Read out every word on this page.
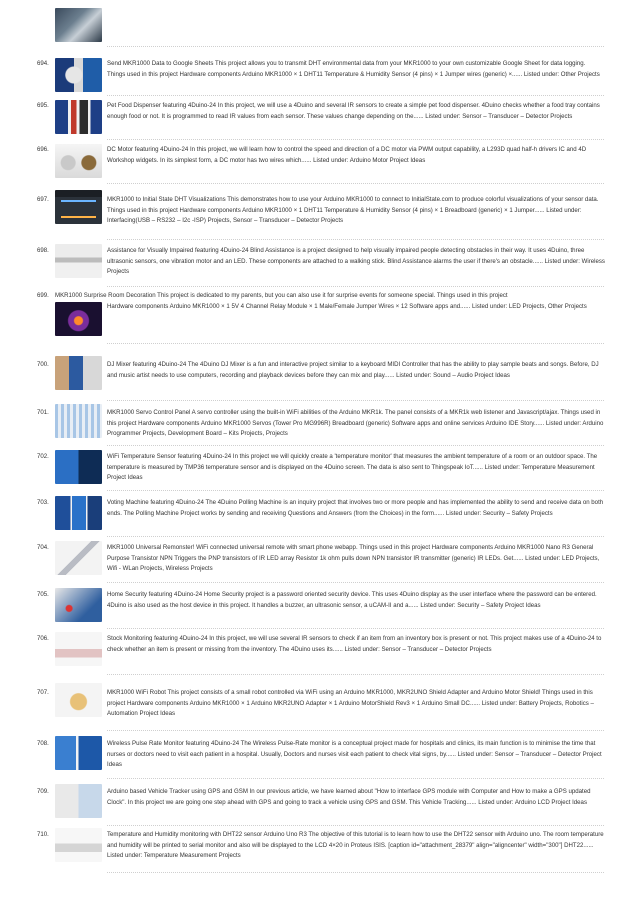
694.	Send MKR1000 Data to Google Sheets This project allows you to transmit DHT environmental data from your MKR1000 to your own customizable Google Sheet for data logging. Things used in this project Hardware components Arduino MKR1000 × 1 DHT11 Temperature & Humidity Sensor (4 pins) × 1 Jumper wires (generic) ×...... Listed under: Other Projects
695.	Pet Food Dispenser featuring 4Duino-24 In this project, we will use a 4Duino and several IR sensors to create a simple pet food dispenser. 4Duino checks whether a food tray contains enough food or not. It is programmed to read IR values from each sensor. These values change depending on the...... Listed under: Sensor – Transducer – Detector Projects
696.	DC Motor featuring 4Duino-24 In this project, we will learn how to control the speed and direction of a DC motor via PWM output capability, a L293D quad half-h drivers IC and 4D Workshop widgets. In its simplest form, a DC motor has two wires which...... Listed under: Arduino Motor Project Ideas
697.	MKR1000 to Initial State DHT Visualizations This demonstrates how to use your Arduino MKR1000 to connect to InitialState.com to produce colorful visualizations of your sensor data. Things used in this project Hardware components Arduino MKR1000 × 1 DHT11 Temperature & Humidity Sensor (4 pins) × 1 Breadboard (generic) × 1 Jumper...... Listed under: Interfacing(USB – RS232 – I2c -ISP) Projects, Sensor – Transducer – Detector Projects
698.	Assistance for Visually Impaired featuring 4Duino-24 Blind Assistance is a project designed to help visually impaired people detecting obstacles in their way. It uses 4Duino, three ultrasonic sensors, one vibration motor and an LED. These components are attached to a walking stick. Blind Assistance alarms the user if there's an obstacle...... Listed under: Wireless Projects
699. MKR1000 Surprise Room Decoration This project is dedicated to my parents, but you can also use it for surprise events for someone special. Things used in this project
Hardware components Arduino MKR1000 × 1 5V 4 Channel Relay Module × 1 Male/Female Jumper Wires × 12 Software apps and...... Listed under: LED Projects, Other Projects
700.	DJ Mixer featuring 4Duino-24 The 4Duino DJ Mixer is a fun and interactive project similar to a keyboard MIDI Controller that has the ability to play sample beats and songs. Before, DJ and music artist needs to use computers, recording and playback devices before they can mix and play...... Listed under: Sound – Audio Project Ideas
701.	MKR1000 Servo Control Panel A servo controller using the built-in WiFi abilities of the Arduino MKR1k. The panel consists of a MKR1k web listener and Javascript/ajax. Things used in this project Hardware components Arduino MKR1000 Servos (Tower Pro MG996R) Breadboard (generic) Software apps and online services Arduino IDE Story...... Listed under: Arduino Programmer Projects, Development Board – Kits Projects, Projects
702.	WiFi Temperature Sensor featuring 4Duino-24 In this project we will quickly create a 'temperature monitor' that measures the ambient temperature of a room or an outdoor space. The temperature is measured by TMP36 temperature sensor and is displayed on the 4Duino screen. The data is also sent to Thingspeak IoT...... Listed under: Temperature Measurement Project Ideas
703.	Voting Machine featuring 4Duino-24 The 4Duino Polling Machine is an inquiry project that involves two or more people and has implemented the ability to send and receive data on both ends. The Polling Machine Project works by sending and receiving Questions and Answers (from the Choices) in the form...... Listed under: Security – Safety Projects
704.	MKR1000 Universal Remonster! WiFi connected universal remote with smart phone webapp. Things used in this project Hardware components Arduino MKR1000 Nano R3 General Purpose Transistor NPN Triggers the PNP transistors of IR LED array Resistor 1k ohm pulls down NPN transistor IR transmitter (generic) IR LEDs. Get...... Listed under: LED Projects, Wifi - WLan Projects, Wireless Projects
705.	Home Security featuring 4Duino-24 Home Security project is a password oriented security device. This uses 4Duino display as the user interface where the password can be entered. 4Duino is also used as the host device in this project. It handles a buzzer, an ultrasonic sensor, a uCAM-II and a...... Listed under: Security – Safety Project Ideas
706.	Stock Monitoring featuring 4Duino-24 In this project, we will use several IR sensors to check if an item from an inventory box is present or not. This project makes use of a 4Duino-24 to check whether an item is present or missing from the inventory. The 4Duino uses its...... Listed under: Sensor – Transducer – Detector Projects
707.	MKR1000 WiFi Robot This project consists of a small robot controlled via WiFi using an Arduino MKR1000, MKR2UNO Shield Adapter and Arduino Motor Shield! Things used in this project Hardware components Arduino MKR1000 × 1 Arduino MKR2UNO Adapter × 1 Arduino MotorShield Rev3 × 1 Arduino Small DC...... Listed under: Battery Projects, Robotics – Automation Project Ideas
708.	Wireless Pulse Rate Monitor featuring 4Duino-24 The Wireless Pulse-Rate monitor is a conceptual project made for hospitals and clinics, its main function is to minimise the time that nurses or doctors need to visit each patient in a hospital. Usually, Doctors and nurses visit each patient to check vital signs, by...... Listed under: Sensor – Transducer – Detector Project Ideas
709.	Arduino based Vehicle Tracker using GPS and GSM In our previous article, we have learned about "How to interface GPS module with Computer and How to make a GPS updated Clock". In this project we are going one step ahead with GPS and going to track a vehicle using GPS and GSM. This Vehicle Tracking...... Listed under: Arduino LCD Project Ideas
710.	Temperature and Humidity monitoring with DHT22 sensor Arduino Uno R3 The objective of this tutorial is to learn how to use the DHT22 sensor with Arduino uno. The room temperature and humidity will be printed to serial monitor and also will be displayed to the LCD 4×20 in Proteus ISIS. [caption id="attachment_28379" align="aligncenter" width="300"] DHT22...... Listed under: Temperature Measurement Projects
